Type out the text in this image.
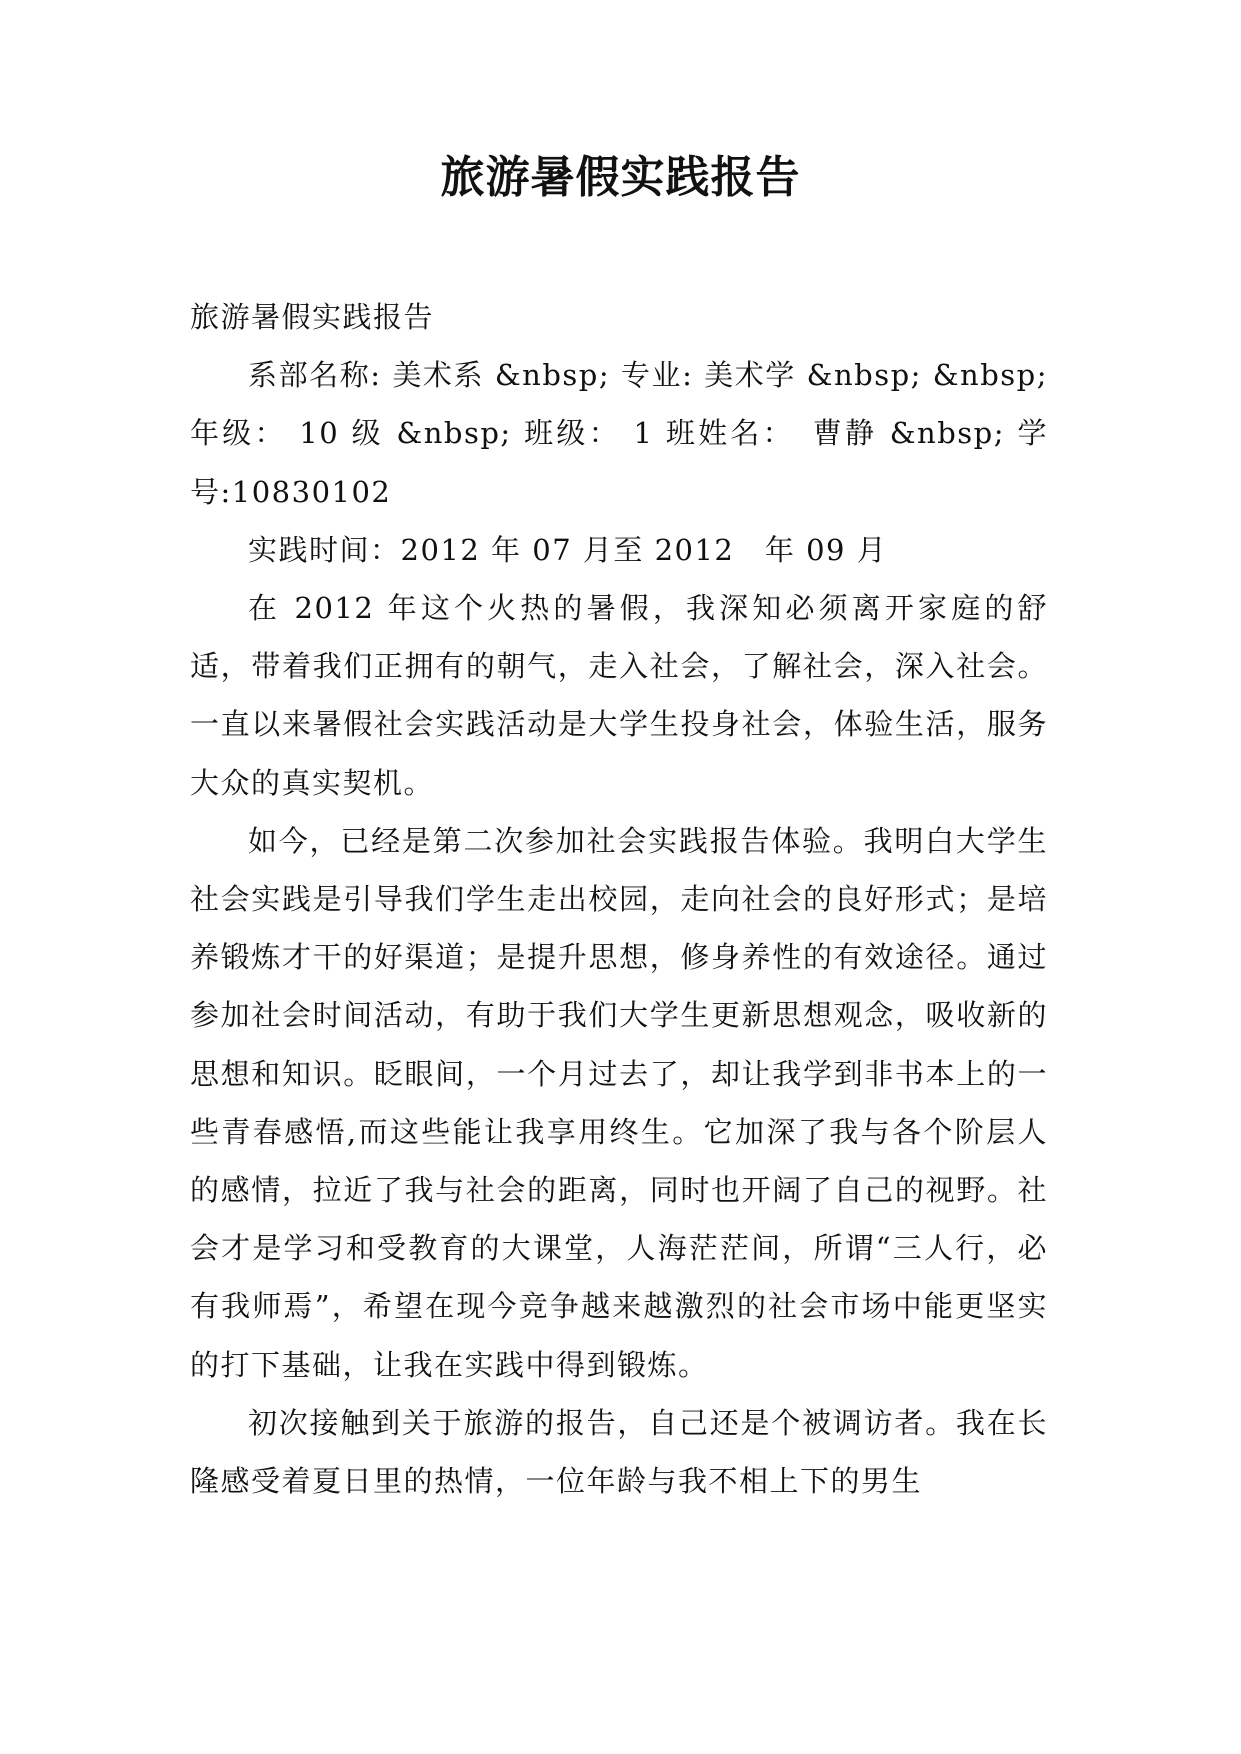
旅游暑假实践报告

旅游暑假实践报告

系部名称: 美术系 &nbsp; 专业: 美术学 &nbsp; &nbsp; 年级： 10 级 &nbsp; 班级： 1 班姓名：　曹静 &nbsp; 学号:10830102

实践时间：2012 年 07 月至 2012　年 09 月

在 2012 年这个火热的暑假，我深知必须离开家庭的舒适，带着我们正拥有的朝气，走入社会，了解社会，深入社会。一直以来暑假社会实践活动是大学生投身社会，体验生活，服务大众的真实契机。

如今，已经是第二次参加社会实践报告体验。我明白大学生社会实践是引导我们学生走出校园，走向社会的良好形式；是培养锻炼才干的好渠道；是提升思想，修身养性的有效途径。通过参加社会时间活动，有助于我们大学生更新思想观念，吸收新的思想和知识。眨眼间，一个月过去了，却让我学到非书本上的一些青春感悟,而这些能让我享用终生。它加深了我与各个阶层人的感情，拉近了我与社会的距离，同时也开阔了自己的视野。社会才是学习和受教育的大课堂，人海茫茫间，所谓“三人行，必有我师焉”，希望在现今竞争越来越激烈的社会市场中能更坚实的打下基础，让我在实践中得到锻炼。

初次接触到关于旅游的报告，自己还是个被调访者。我在长隆感受着夏日里的热情，一位年龄与我不相上下的男生
